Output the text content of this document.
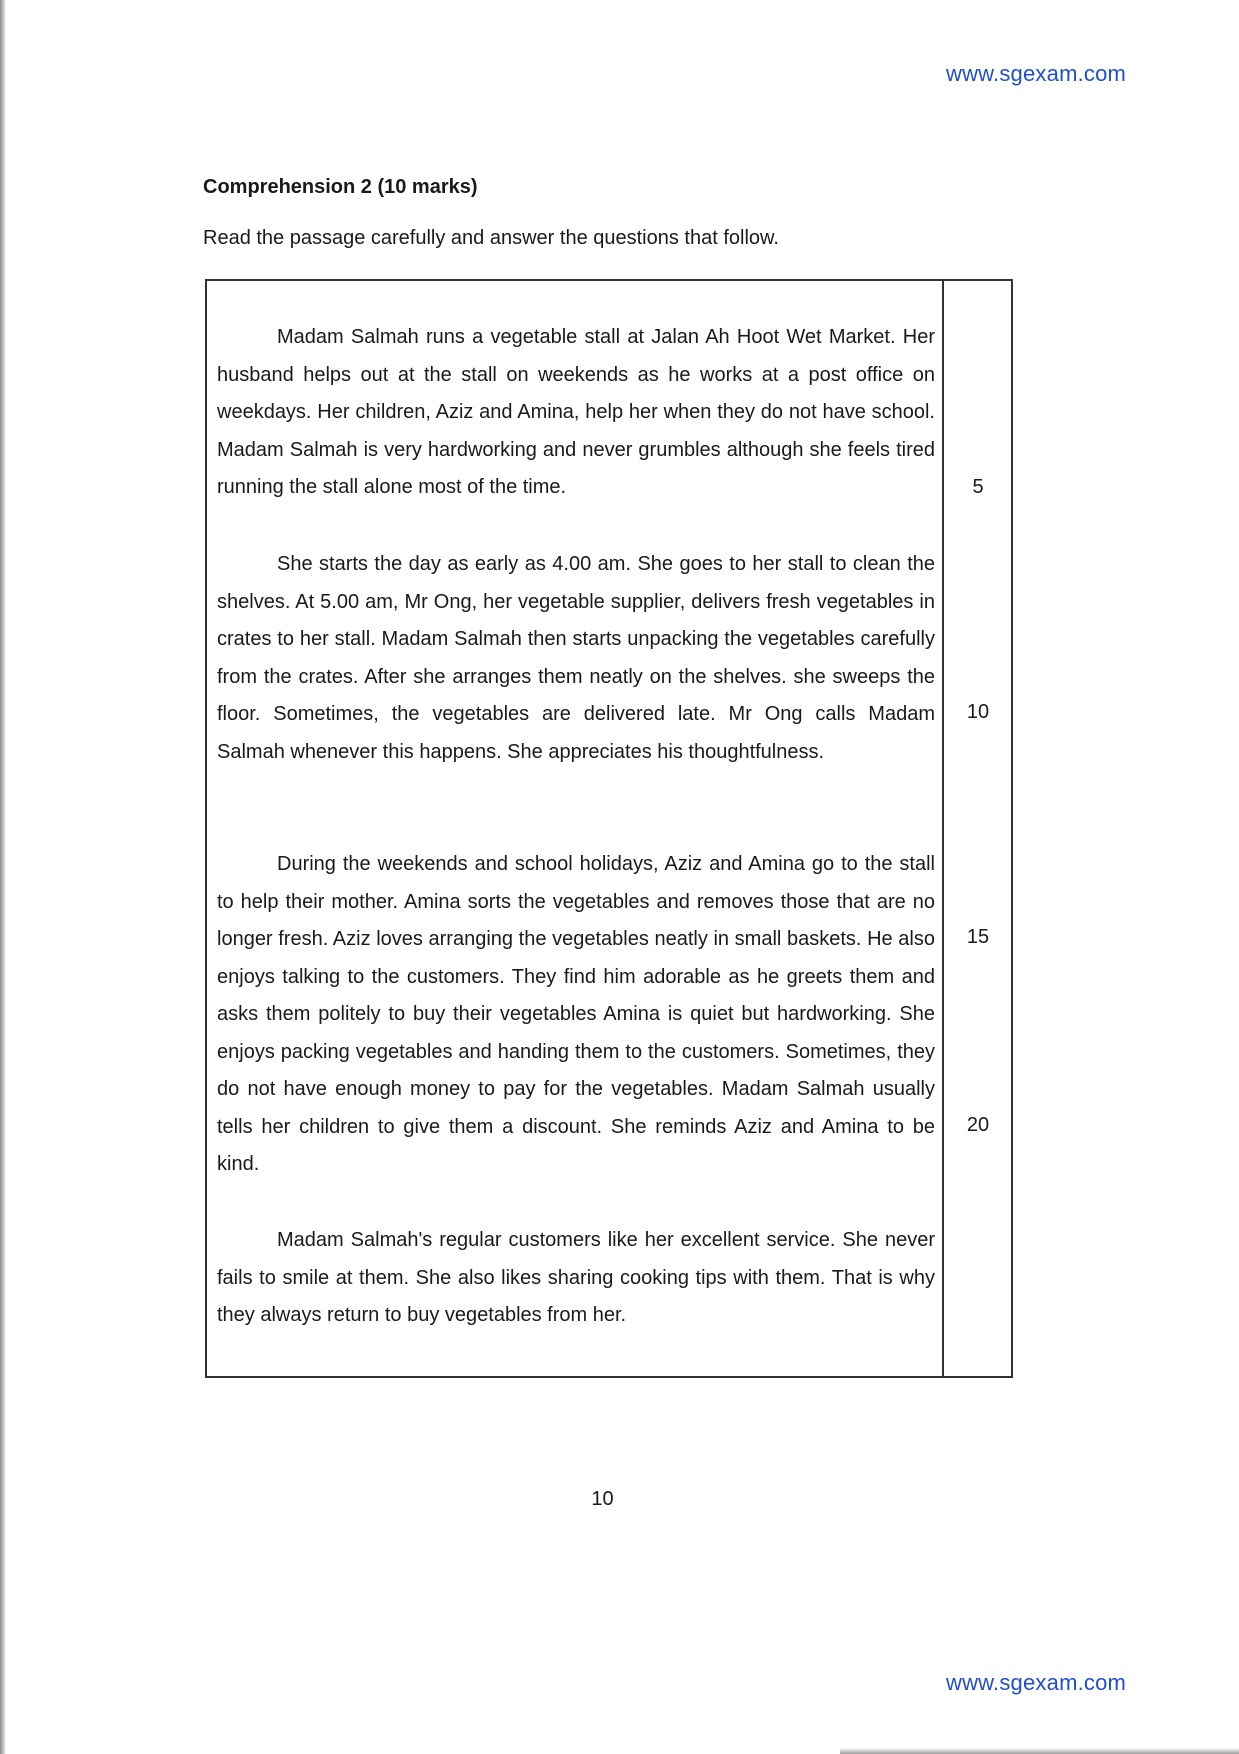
www.sgexam.com
Comprehension 2 (10 marks)
Read the passage carefully and answer the questions that follow.

Madam Salmah runs a vegetable stall at Jalan Ah Hoot Wet Market. Her husband helps out at the stall on weekends as he works at a post office on weekdays. Her children, Aziz and Amina, help her when they do not have school. Madam Salmah is very hardworking and never grumbles although she feels tired running the stall alone most of the time.

She starts the day as early as 4.00 am. She goes to her stall to clean the shelves. At 5.00 am, Mr Ong, her vegetable supplier, delivers fresh vegetables in crates to her stall. Madam Salmah then starts unpacking the vegetables carefully from the crates. After she arranges them neatly on the shelves. she sweeps the floor. Sometimes, the vegetables are delivered late. Mr Ong calls Madam Salmah whenever this happens. She appreciates his thoughtfulness.

During the weekends and school holidays, Aziz and Amina go to the stall to help their mother. Amina sorts the vegetables and removes those that are no longer fresh. Aziz loves arranging the vegetables neatly in small baskets. He also enjoys talking to the customers. They find him adorable as he greets them and asks them politely to buy their vegetables Amina is quiet but hardworking. She enjoys packing vegetables and handing them to the customers. Sometimes, they do not have enough money to pay for the vegetables. Madam Salmah usually tells her children to give them a discount. She reminds Aziz and Amina to be kind.

Madam Salmah's regular customers like her excellent service. She never fails to smile at them. She also likes sharing cooking tips with them. That is why they always return to buy vegetables from her.

5
10
15
20
10
www.sgexam.com
